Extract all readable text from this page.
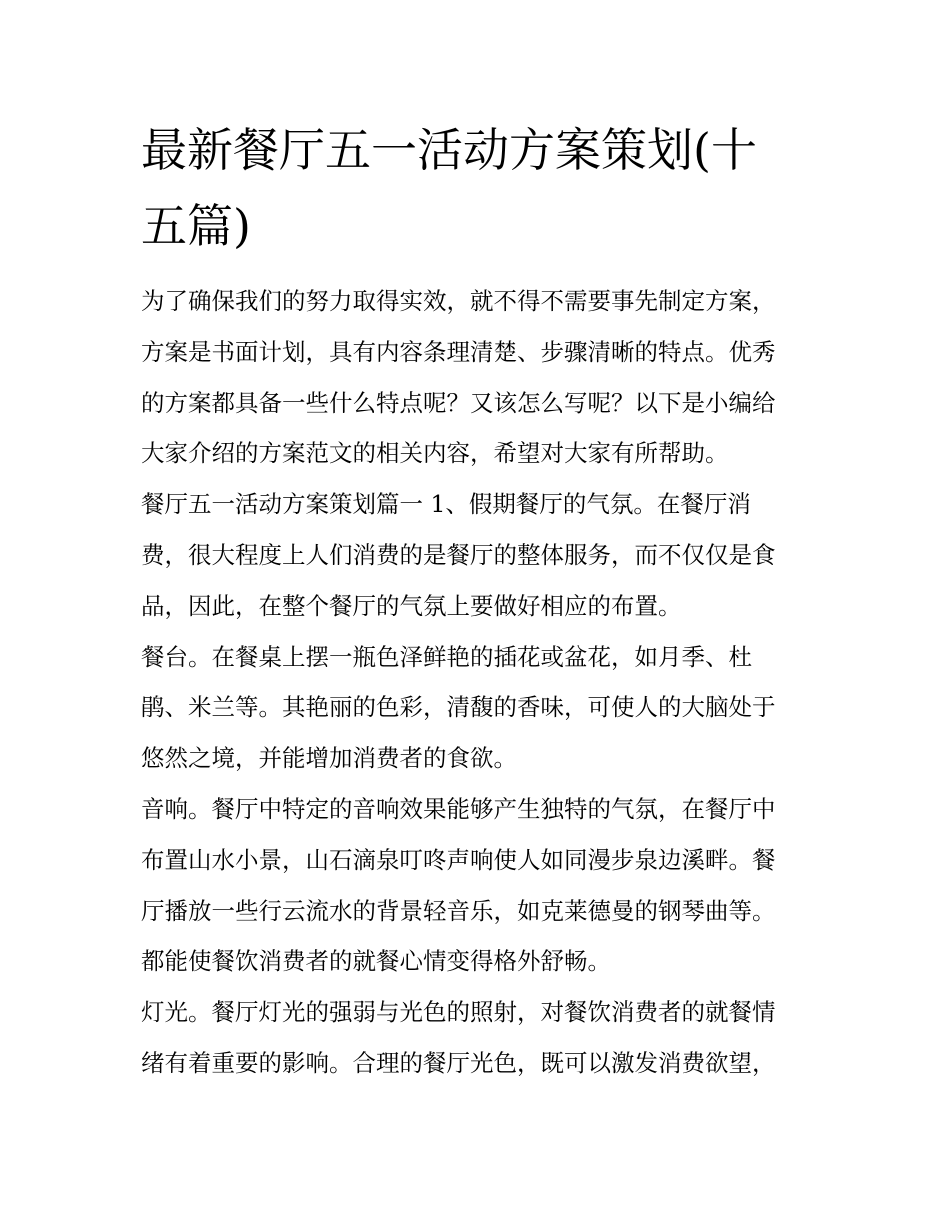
最新餐厅五一活动方案策划(十
五篇)

为了确保我们的努力取得实效，就不得不需要事先制定方案，
方案是书面计划，具有内容条理清楚、步骤清晰的特点。优秀
的方案都具备一些什么特点呢？又该怎么写呢？以下是小编给
大家介绍的方案范文的相关内容，希望对大家有所帮助。

餐厅五一活动方案策划篇一 1、假期餐厅的气氛。在餐厅消
费，很大程度上人们消费的是餐厅的整体服务，而不仅仅是食
品，因此，在整个餐厅的气氛上要做好相应的布置。

餐台。在餐桌上摆一瓶色泽鲜艳的插花或盆花，如月季、杜
鹃、米兰等。其艳丽的色彩，清馥的香味，可使人的大脑处于
悠然之境，并能增加消费者的食欲。

音响。餐厅中特定的音响效果能够产生独特的气氛，在餐厅中
布置山水小景，山石滴泉叮咚声响使人如同漫步泉边溪畔。餐
厅播放一些行云流水的背景轻音乐，如克莱德曼的钢琴曲等。
都能使餐饮消费者的就餐心情变得格外舒畅。

灯光。餐厅灯光的强弱与光色的照射，对餐饮消费者的就餐情
绪有着重要的影响。合理的餐厅光色，既可以激发消费欲望，
